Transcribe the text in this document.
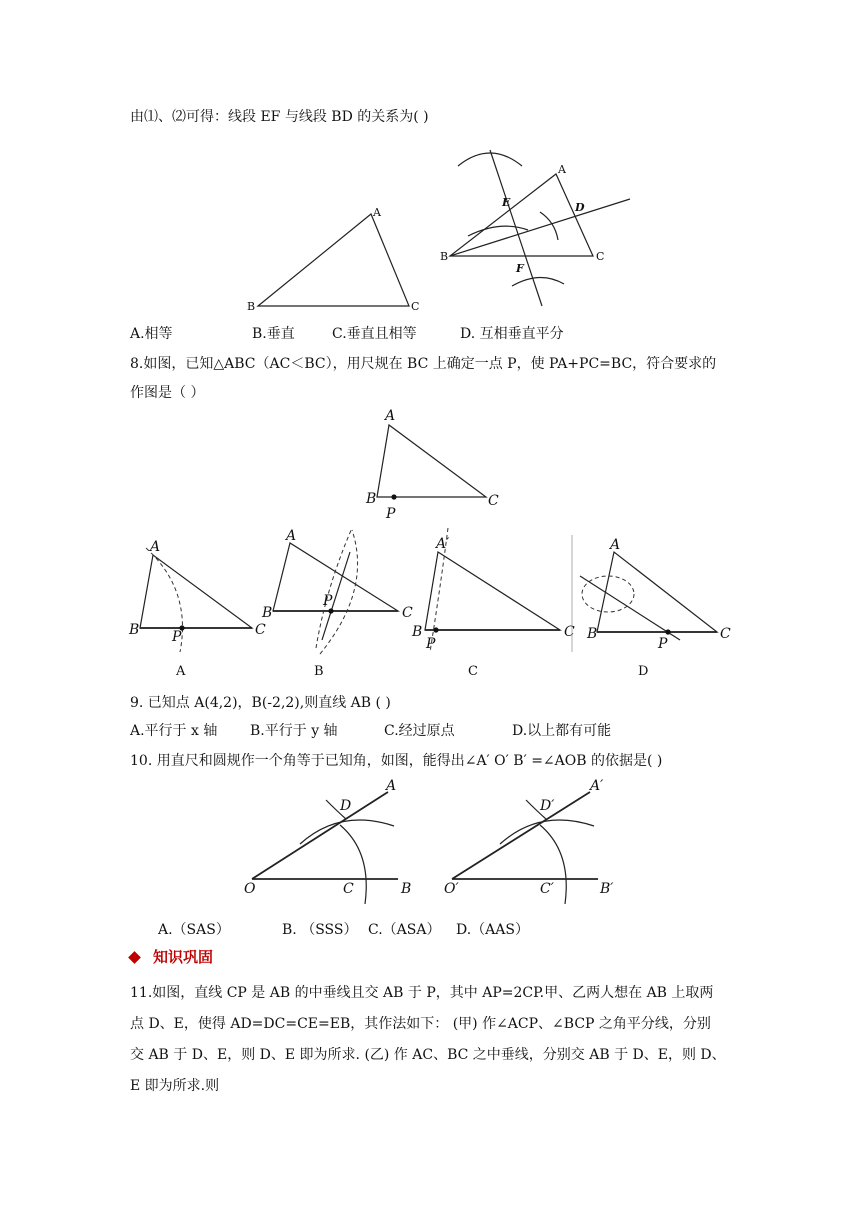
由⑴、⑵可得：线段 EF 与线段 BD 的关系为( )
A
B	C
A
E	D
B	C
F
A.相等	B.垂直	C.垂直且相等	D. 互相垂直平分
8.如图，已知△ABC（AC＜BC），用尺规在 BC 上确定一点 P，使 PA+PC=BC，符合要求的
作图是（ ）
A
B
P
C
A
B P	C
A
B
P
C
A′
B
P
C
A
B
P
C
A	B	C	D
9. 已知点 A(4,2)，B(-2,2),则直线 AB ( )
A.平行于 x 轴 B.平行于 y 轴	C.经过原点	D.以上都有可能
10. 用直尺和圆规作一个角等于已知角，如图，能得出∠A′ O′ B′ =∠AOB 的依据是( )
A
D
O	C	B
A′
D′
O′	C′	B′
A.（SAS）	B. （SSS） C.（ASA） D.（AAS）
知识巩固
11.如图，直线 CP 是 AB 的中垂线且交 AB 于 P，其中 AP=2CP.甲、乙两人想在 AB 上取两
点 D、E，使得 AD=DC=CE=EB，其作法如下： (甲) 作∠ACP、∠BCP 之角平分线，分别
交 AB 于 D、E，则 D、E 即为所求. (乙) 作 AC、BC 之中垂线，分别交 AB 于 D、E，则 D、
E 即为所求.则
